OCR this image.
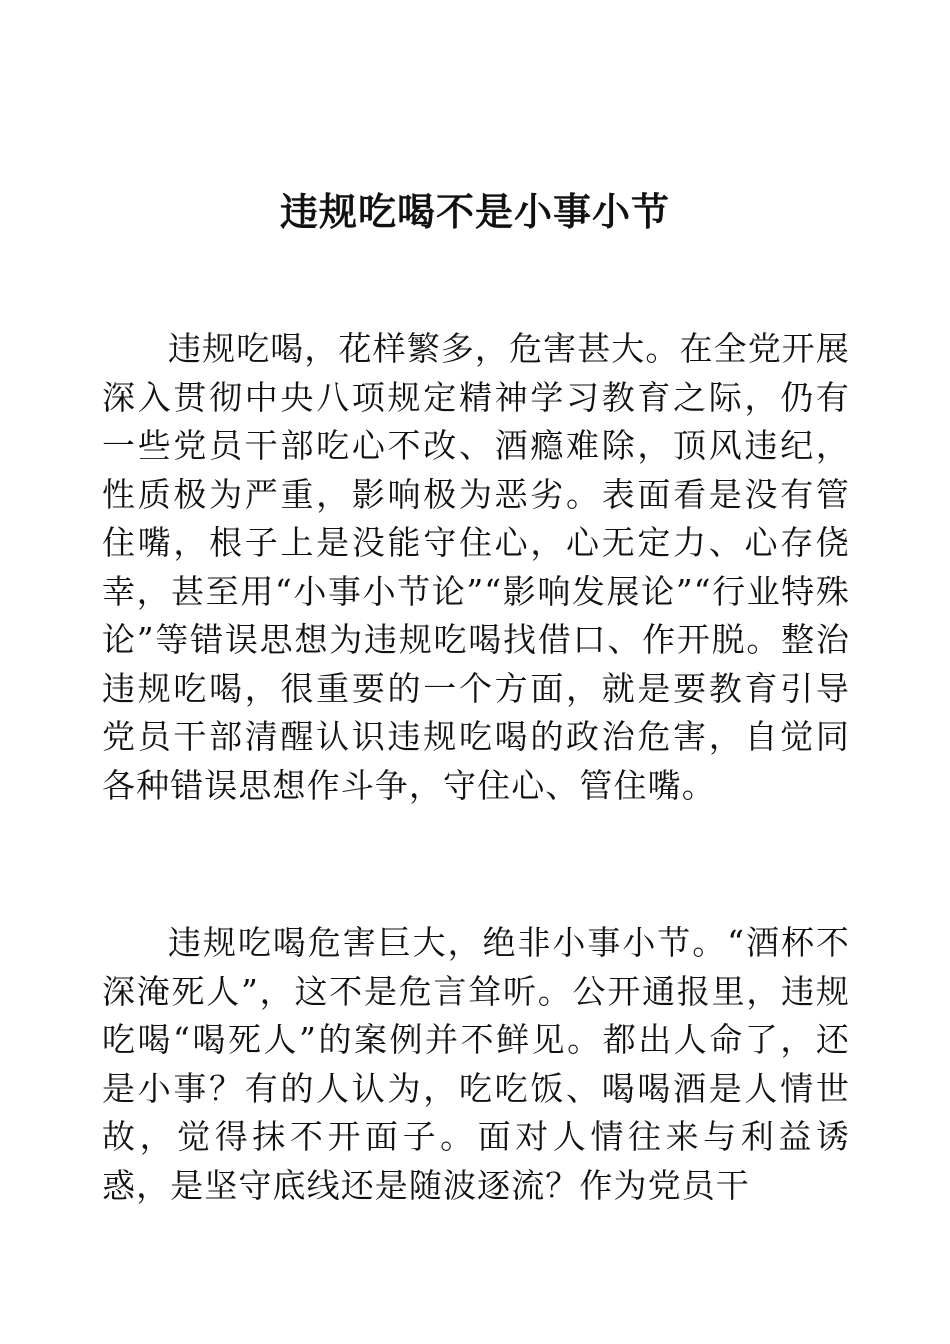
违规吃喝不是小事小节

违规吃喝，花样繁多，危害甚大。在全党开展深入贯彻中央八项规定精神学习教育之际，仍有一些党员干部吃心不改、酒瘾难除，顶风违纪，性质极为严重，影响极为恶劣。表面看是没有管住嘴，根子上是没能守住心，心无定力、心存侥幸，甚至用“小事小节论”“影响发展论”“行业特殊论”等错误思想为违规吃喝找借口、作开脱。整治违规吃喝，很重要的一个方面，就是要教育引导党员干部清醒认识违规吃喝的政治危害，自觉同各种错误思想作斗争，守住心、管住嘴。

违规吃喝危害巨大，绝非小事小节。“酒杯不深淹死人”，这不是危言耸听。公开通报里，违规吃喝“喝死人”的案例并不鲜见。都出人命了，还是小事？有的人认为，吃吃饭、喝喝酒是人情世故，觉得抹不开面子。面对人情往来与利益诱惑，是坚守底线还是随波逐流？作为党员干
